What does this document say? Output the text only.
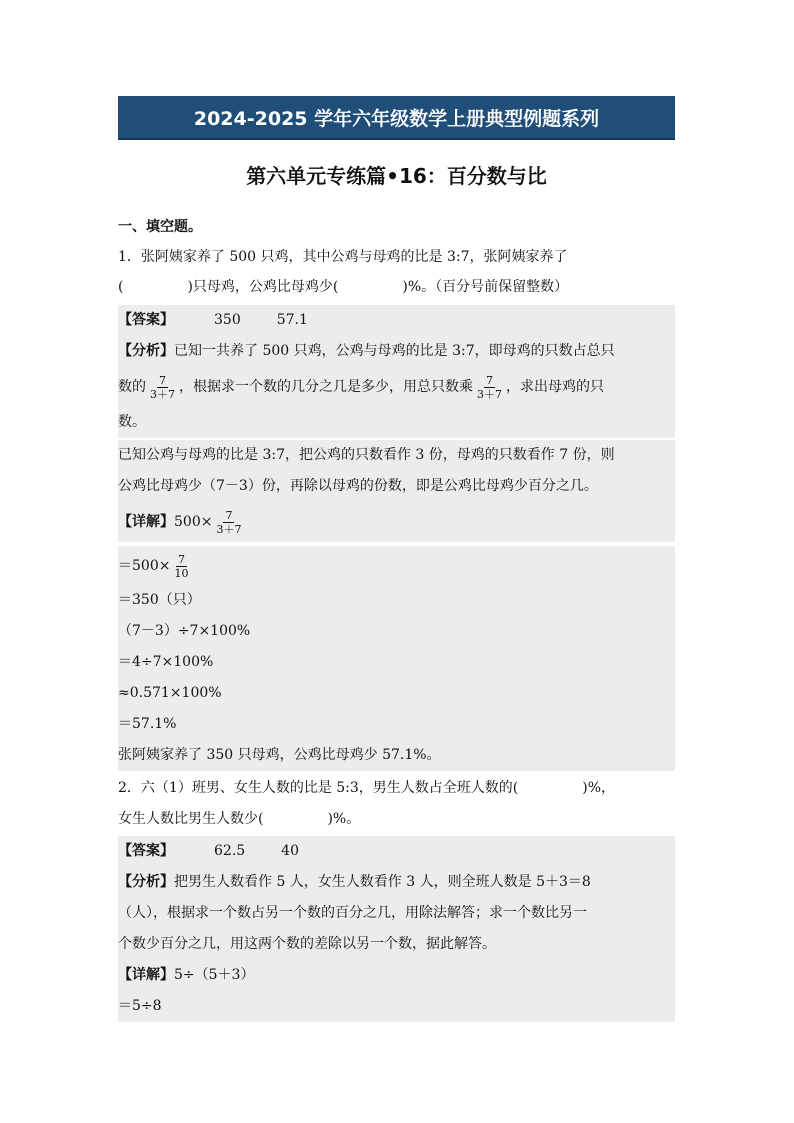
2024-2025 学年六年级数学上册典型例题系列
第六单元专练篇•16：百分数与比
一、填空题。
1．张阿姨家养了 500 只鸡，其中公鸡与母鸡的比是 3:7，张阿姨家养了
(	)只母鸡，公鸡比母鸡少(	)%。（百分号前保留整数）
【答案】	350	57.1
【分析】已知一共养了 500 只鸡，公鸡与母鸡的比是 3:7，即母鸡的只数占总只
数的 $\frac{7}{3+7}$ ，根据求一个数的几分之几是多少，用总只数乘 $\frac{7}{3+7}$ ，求出母鸡的只
数。
已知公鸡与母鸡的比是 3:7，把公鸡的只数看作 3 份，母鸡的只数看作 7 份，则
公鸡比母鸡少（7－3）份，再除以母鸡的份数，即是公鸡比母鸡少百分之几。
【详解】$500\times \frac{7}{3+7}$
$=500\times \frac{7}{10}$
＝350（只）
（7－3）÷7×100%
＝4÷7×100%
≈0.571×100%
＝57.1%
张阿姨家养了 350 只母鸡，公鸡比母鸡少 57.1%。
2．六（1）班男、女生人数的比是 5:3，男生人数占全班人数的(	)%，
女生人数比男生人数少(	)%。
【答案】	62.5	40
【分析】把男生人数看作 5 人，女生人数看作 3 人，则全班人数是 5＋3＝8
（人），根据求一个数占另一个数的百分之几，用除法解答；求一个数比另一
个数少百分之几，用这两个数的差除以另一个数，据此解答。
【详解】5÷（5＋3）
＝5÷8
